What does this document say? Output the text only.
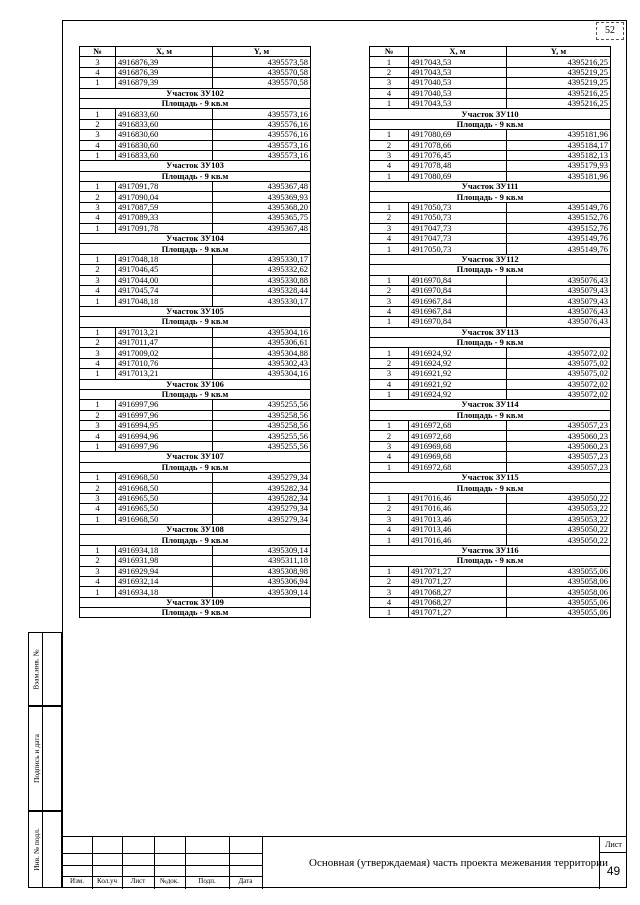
52
Взам.инв. №
Подпись и дата
Инв. № подл.
№	X, м	Y, м
3	4916876,39	4395573,58
4	4916876,39	4395570,58
1	4916879,39	4395570,58
Участок ЗУ102		
Площадь - 9 кв.м		
1	4916833,60	4395573,16
2	4916833,60	4395576,16
3	4916830,60	4395576,16
4	4916830,60	4395573,16
1	4916833,60	4395573,16
Участок ЗУ103		
Площадь - 9 кв.м		
1	4917091,78	4395367,48
2	4917090,04	4395369,93
3	4917087,59	4395368,20
4	4917089,33	4395365,75
1	4917091,78	4395367,48
Участок ЗУ104		
Площадь - 9 кв.м		
1	4917048,18	4395330,17
2	4917046,45	4395332,62
3	4917044,00	4395330,88
4	4917045,74	4395328,44
1	4917048,18	4395330,17
Участок ЗУ105		
Площадь - 9 кв.м		
1	4917013,21	4395304,16
2	4917011,47	4395306,61
3	4917009,02	4395304,88
4	4917010,76	4395302,43
1	4917013,21	4395304,16
Участок ЗУ106		
Площадь - 9 кв.м		
1	4916997,96	4395255,56
2	4916997,96	4395258,56
3	4916994,95	4395258,56
4	4916994,96	4395255,56
1	4916997,96	4395255,56
Участок ЗУ107		
Площадь - 9 кв.м		
1	4916968,50	4395279,34
2	4916968,50	4395282,34
3	4916965,50	4395282,34
4	4916965,50	4395279,34
1	4916968,50	4395279,34
Участок ЗУ108		
Площадь - 9 кв.м		
1	4916934,18	4395309,14
2	4916931,98	4395311,18
3	4916929,94	4395308,98
4	4916932,14	4395306,94
1	4916934,18	4395309,14
Участок ЗУ109		
Площадь - 9 кв.м		
№	X, м	Y, м
1	4917043,53	4395216,25
2	4917043,53	4395219,25
3	4917040,53	4395219,25
4	4917040,53	4395216,25
1	4917043,53	4395216,25
Участок ЗУ110		
Площадь - 9 кв.м		
1	4917080,69	4395181,96
2	4917078,66	4395184,17
3	4917076,45	4395182,13
4	4917078,48	4395179,93
1	4917080,69	4395181,96
Участок ЗУ111		
Площадь - 9 кв.м		
1	4917050,73	4395149,76
2	4917050,73	4395152,76
3	4917047,73	4395152,76
4	4917047,73	4395149,76
1	4917050,73	4395149,76
Участок ЗУ112		
Площадь - 9 кв.м		
1	4916970,84	4395076,43
2	4916970,84	4395079,43
3	4916967,84	4395079,43
4	4916967,84	4395076,43
1	4916970,84	4395076,43
Участок ЗУ113		
Площадь - 9 кв.м		
1	4916924,92	4395072,02
2	4916924,92	4395075,02
3	4916921,92	4395075,02
4	4916921,92	4395072,02
1	4916924,92	4395072,02
Участок ЗУ114		
Площадь - 9 кв.м		
1	4916972,68	4395057,23
2	4916972,68	4395060,23
3	4916969,68	4395060,23
4	4916969,68	4395057,23
1	4916972,68	4395057,23
Участок ЗУ115		
Площадь - 9 кв.м		
1	4917016,46	4395050,22
2	4917016,46	4395053,22
3	4917013,46	4395053,22
4	4917013,46	4395050,22
1	4917016,46	4395050,22
Участок ЗУ116		
Площадь - 9 кв.м		
1	4917071,27	4395055,06
2	4917071,27	4395058,06
3	4917068,27	4395058,06
4	4917068,27	4395055,06
1	4917071,27	4395055,06
Изм.	Кол.уч	Лист	№док.	Подп.	Дата
Основная (утверждаемая) часть проекта межевания территории
Лист
49
